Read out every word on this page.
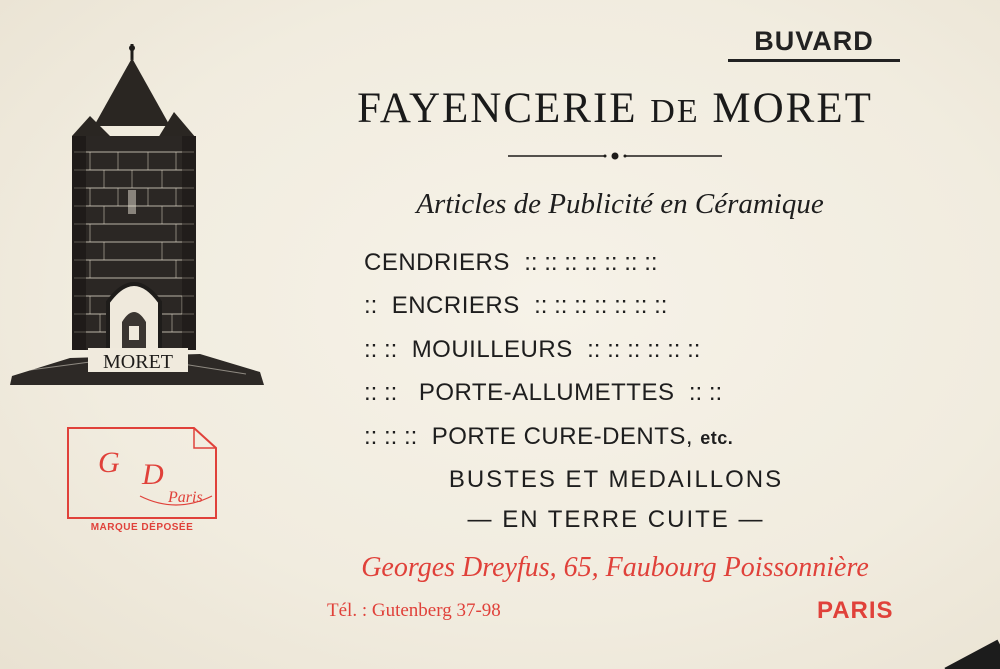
MORET
G D
Paris
MARQUE DÉPOSÉE
BUVARD
FAYENCERIE DE MORET
Articles de Publicité en Céramique
CENDRIERS :: :: :: :: :: :: ::
:: ENCRIERS :: :: :: :: :: :: ::
:: :: MOUILLEURS :: :: :: :: :: ::
:: :: PORTE-ALLUMETTES :: ::
:: :: :: PORTE CURE-DENTS, etc.
BUSTES ET MEDAILLONS
— EN TERRE CUITE —
Georges Dreyfus, 65, Faubourg Poissonnière
Tél. : Gutenberg 37-98	PARIS
